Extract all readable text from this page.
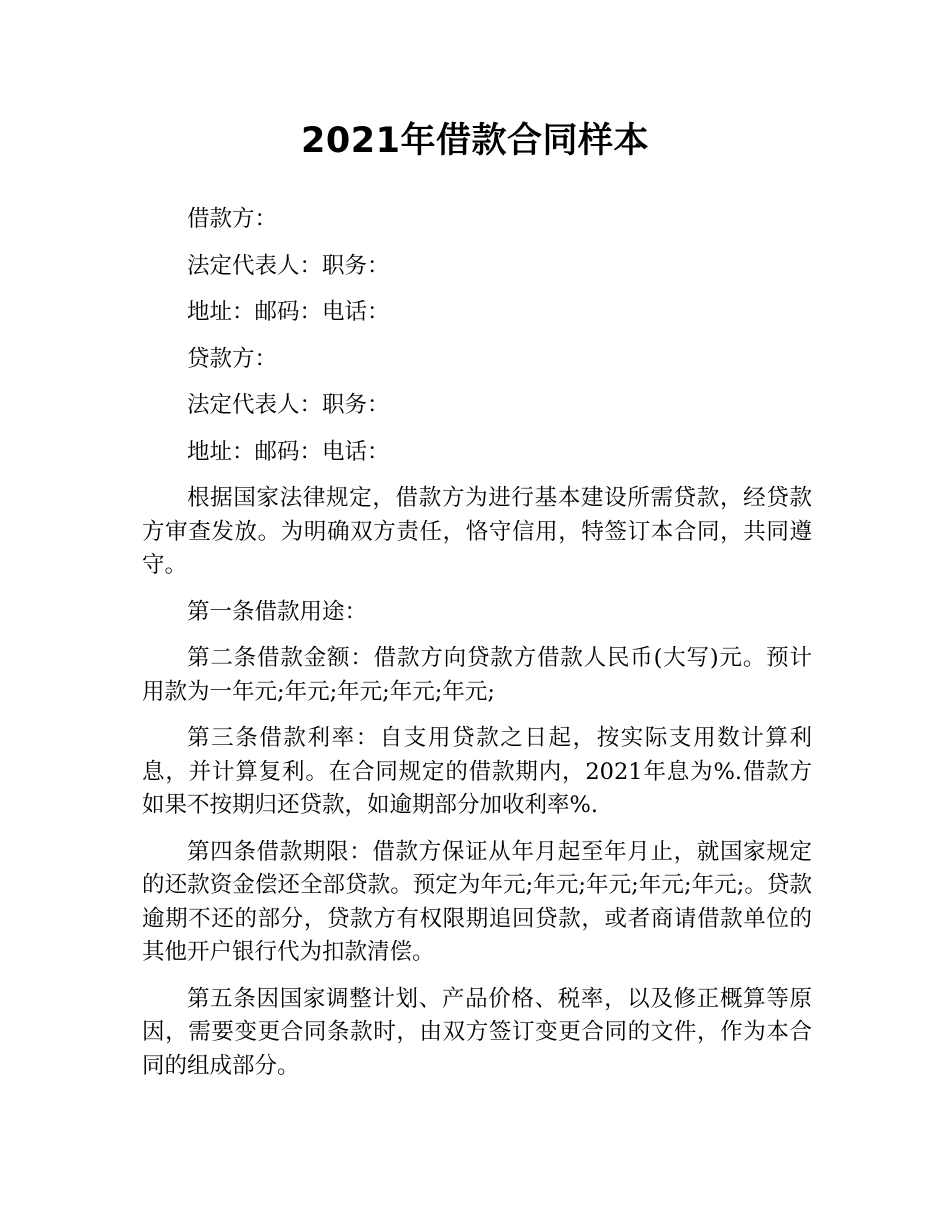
2021年借款合同样本

借款方：

法定代表人：职务：

地址：邮码：电话：

贷款方：

法定代表人：职务：

地址：邮码：电话：

根据国家法律规定，借款方为进行基本建设所需贷款，经贷款方审查发放。为明确双方责任，恪守信用，特签订本合同，共同遵守。

第一条借款用途：

第二条借款金额：借款方向贷款方借款人民币(大写)元。预计用款为一年元;年元;年元;年元;年元;

第三条借款利率：自支用贷款之日起，按实际支用数计算利息，并计算复利。在合同规定的借款期内，2021年息为%.借款方如果不按期归还贷款，如逾期部分加收利率%.

第四条借款期限：借款方保证从年月起至年月止，就国家规定的还款资金偿还全部贷款。预定为年元;年元;年元;年元;年元;。贷款逾期不还的部分，贷款方有权限期追回贷款，或者商请借款单位的其他开户银行代为扣款清偿。

第五条因国家调整计划、产品价格、税率，以及修正概算等原因，需要变更合同条款时，由双方签订变更合同的文件，作为本合同的组成部分。
